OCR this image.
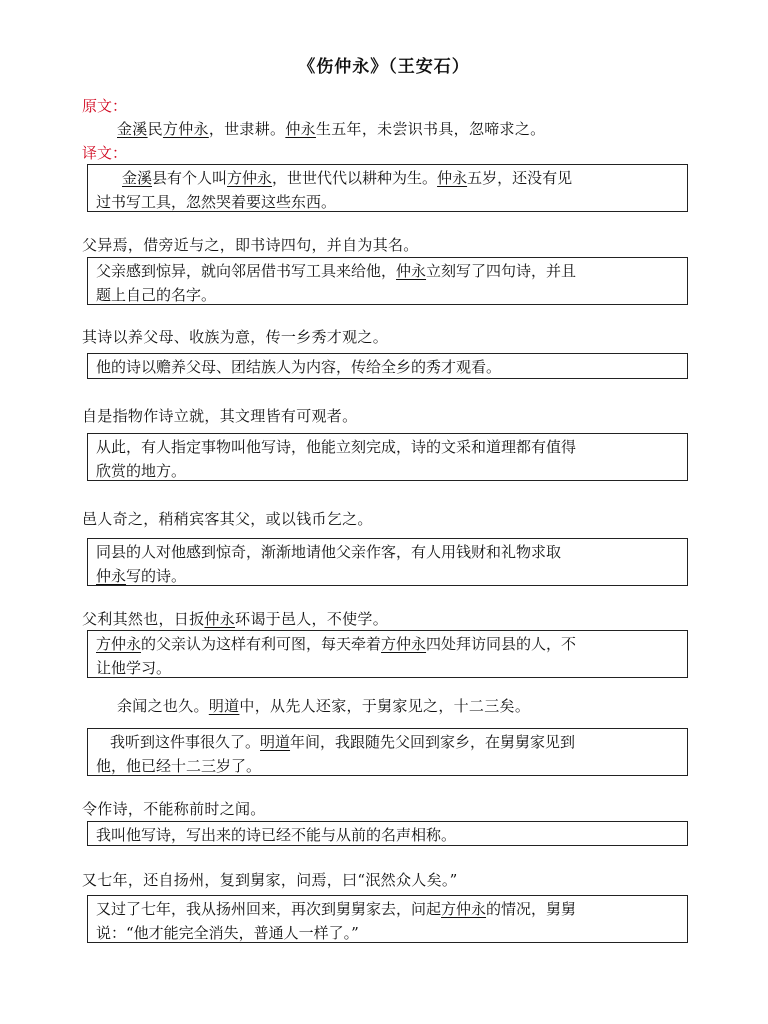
《伤仲永》（王安石）
原文：
金溪民方仲永，世隶耕。仲永生五年，未尝识书具，忽啼求之。
译文：
金溪县有个人叫方仲永，世世代代以耕种为生。仲永五岁，还没有见
过书写工具，忽然哭着要这些东西。
父异焉，借旁近与之，即书诗四句，并自为其名。
父亲感到惊异，就向邻居借书写工具来给他，仲永立刻写了四句诗，并且
题上自己的名字。
其诗以养父母、收族为意，传一乡秀才观之。
他的诗以赡养父母、团结族人为内容，传给全乡的秀才观看。
自是指物作诗立就，其文理皆有可观者。
从此，有人指定事物叫他写诗，他能立刻完成，诗的文采和道理都有值得
欣赏的地方。
邑人奇之，稍稍宾客其父，或以钱币乞之。
同县的人对他感到惊奇，渐渐地请他父亲作客，有人用钱财和礼物求取
仲永写的诗。
父利其然也，日扳仲永环谒于邑人，不使学。
方仲永的父亲认为这样有利可图，每天牵着方仲永四处拜访同县的人，不
让他学习。
余闻之也久。明道中，从先人还家，于舅家见之，十二三矣。
我听到这件事很久了。明道年间，我跟随先父回到家乡，在舅舅家见到
他，他已经十二三岁了。
令作诗，不能称前时之闻。
我叫他写诗，写出来的诗已经不能与从前的名声相称。
又七年，还自扬州，复到舅家，问焉，曰“泯然众人矣。”
又过了七年，我从扬州回来，再次到舅舅家去，问起方仲永的情况，舅舅
说：“他才能完全消失，普通人一样了。”
